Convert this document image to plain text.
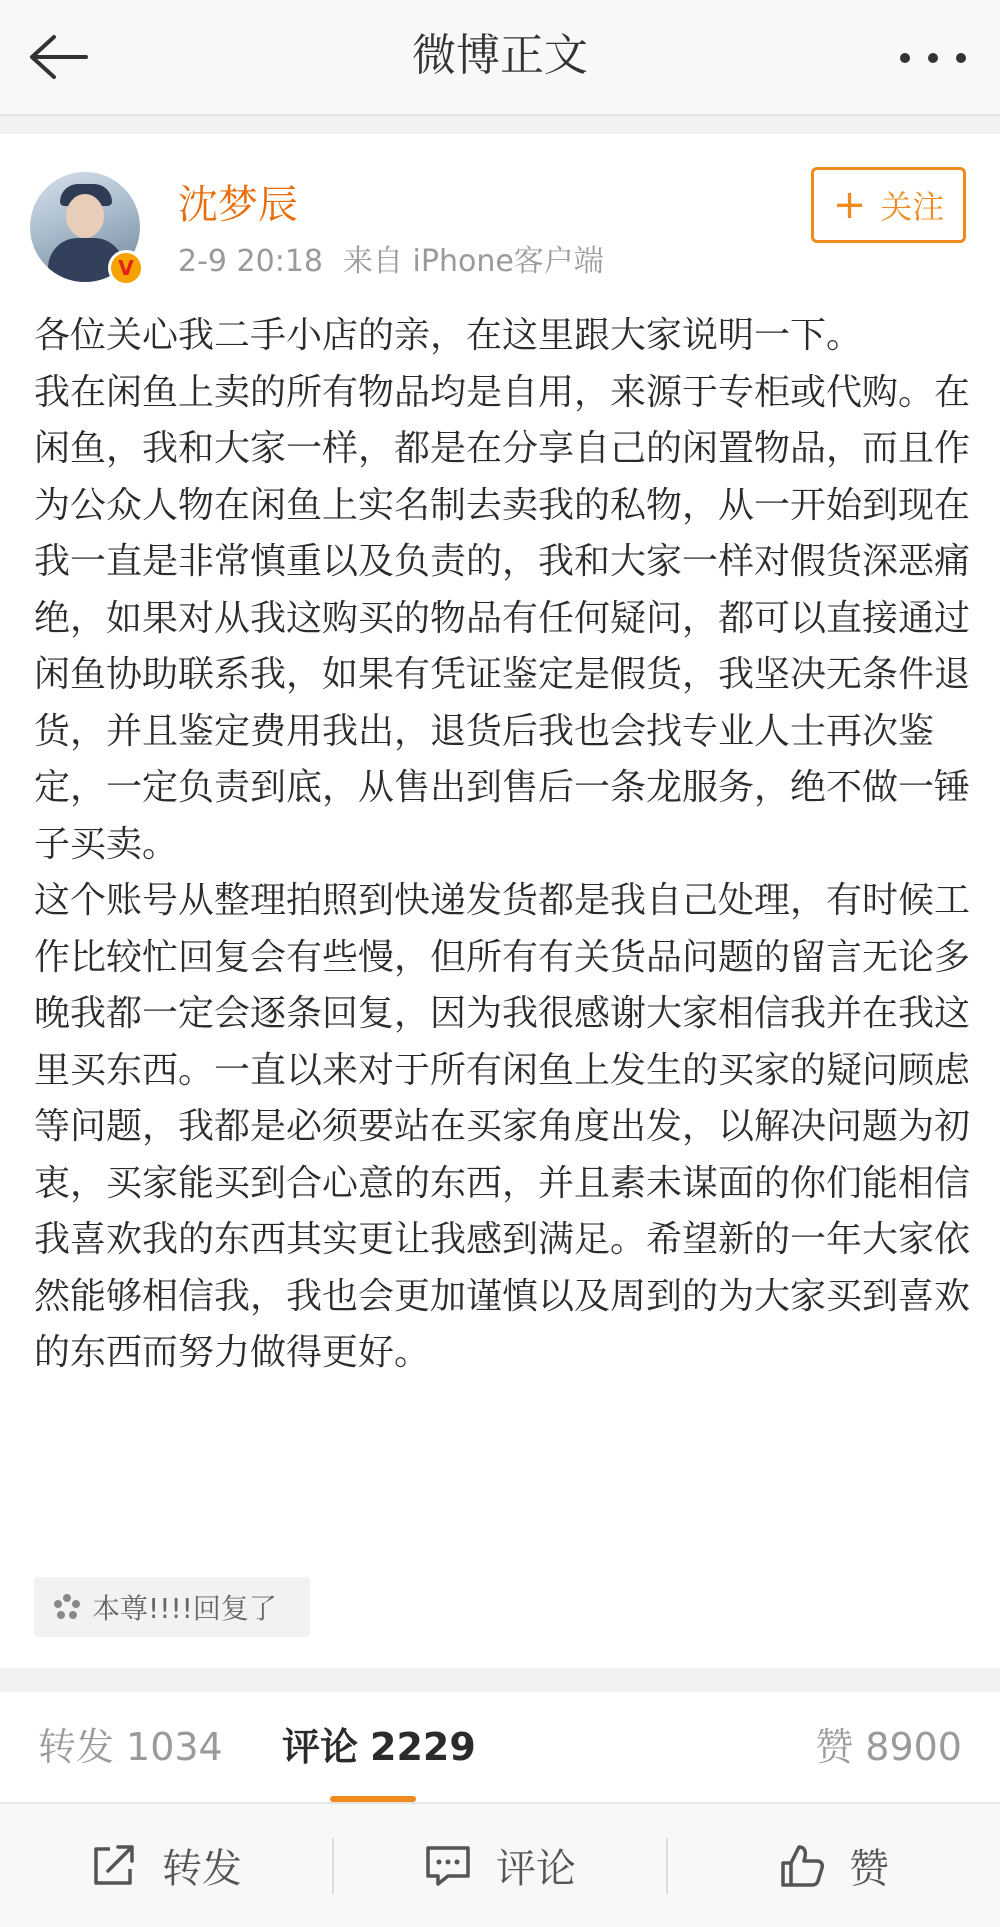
微博正文
V
沈梦辰
2-9 20:18 来自 iPhone客户端
+ 关注

各位关心我二手小店的亲，在这里跟大家说明一下。

我在闲鱼上卖的所有物品均是自用，来源于专柜或代购。在闲鱼，我和大家一样，都是在分享自己的闲置物品，而且作为公众人物在闲鱼上实名制去卖我的私物，从一开始到现在我一直是非常慎重以及负责的，我和大家一样对假货深恶痛绝，如果对从我这购买的物品有任何疑问，都可以直接通过闲鱼协助联系我，如果有凭证鉴定是假货，我坚决无条件退货，并且鉴定费用我出，退货后我也会找专业人士再次鉴定，一定负责到底，从售出到售后一条龙服务，绝不做一锤子买卖。

这个账号从整理拍照到快递发货都是我自己处理，有时候工作比较忙回复会有些慢，但所有有关货品问题的留言无论多晚我都一定会逐条回复，因为我很感谢大家相信我并在我这里买东西。一直以来对于所有闲鱼上发生的买家的疑问顾虑等问题，我都是必须要站在买家角度出发，以解决问题为初衷，买家能买到合心意的东西，并且素未谋面的你们能相信我喜欢我的东西其实更让我感到满足。希望新的一年大家依然能够相信我，我也会更加谨慎以及周到的为大家买到喜欢的东西而努力做得更好。

本尊!!!!回复了
转发 1034 评论 2229	赞 8900
转发	评论	赞
